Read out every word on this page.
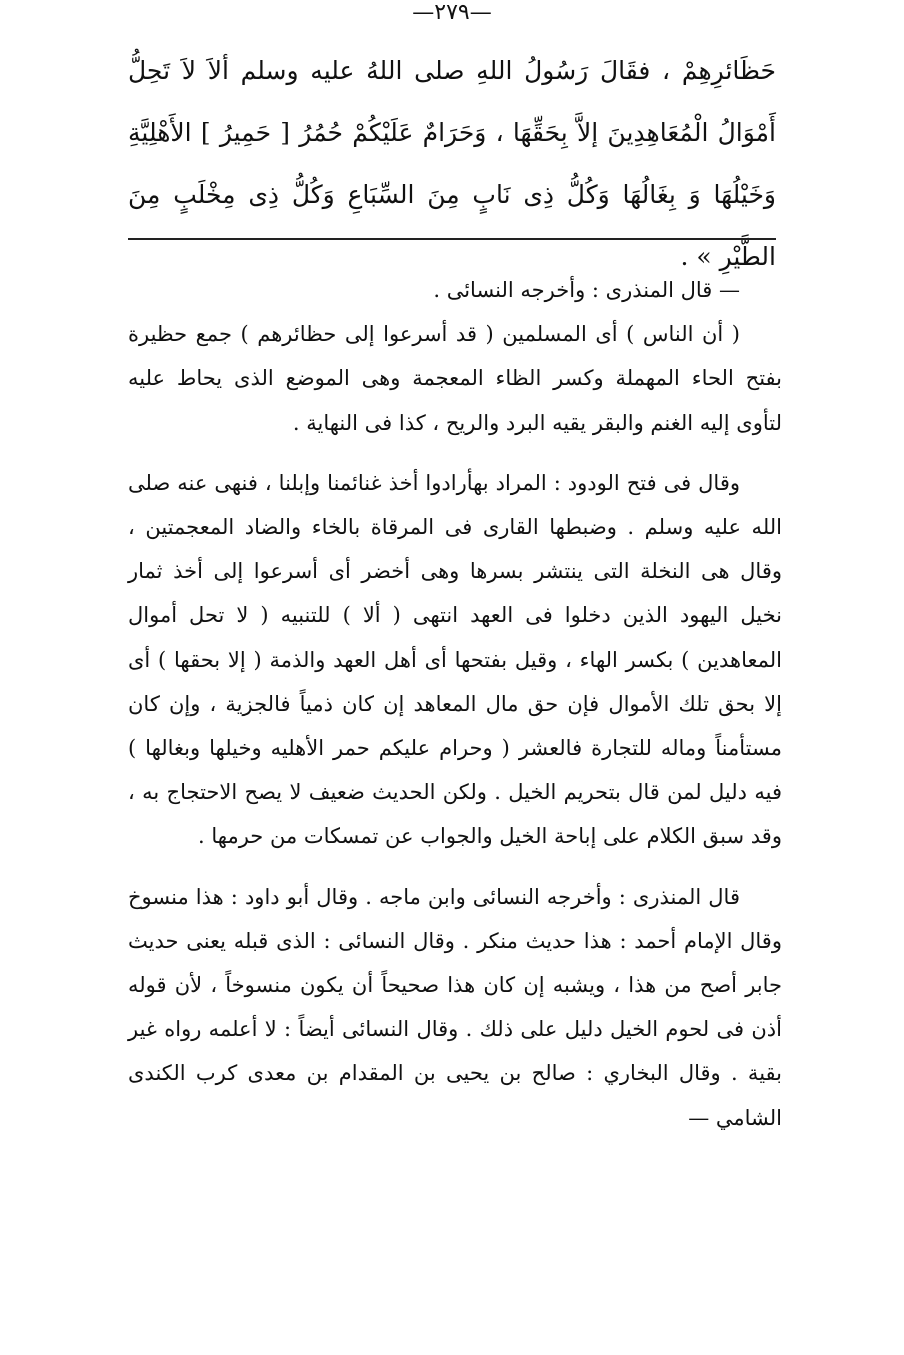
—٢٧٩—
حَظَائرِهِمْ ، فقَالَ رَسُولُ اللهِ صلى اللهُ عليه وسلم ألاَ لاَ تَحِلُّ أَمْوَالُ الْمُعَاهِدِينَ إلاَّ بِحَقِّهَا ، وَحَرَامٌ عَلَيْكُمْ حُمُرُ [ حَمِيرُ ] الأَهْلِيَّةِ وَخَيْلُهَا وَ بِغَالُهَا وَكُلُّ ذِى نَابٍ مِنَ السِّبَاعِ وَكُلُّ ذِى مِخْلَبٍ مِنَ الطَّيْرِ » .

— قال المنذرى : وأخرجه النسائى .

( أن الناس ) أى المسلمين ( قد أسرعوا إلى حظائرهم ) جمع حظيرة بفتح الحاء المهملة وكسر الظاء المعجمة وهى الموضع الذى يحاط عليه لتأوى إليه الغنم والبقر يقيه البرد والريح ، كذا فى النهاية .

وقال فى فتح الودود : المراد بهأرادوا أخذ غنائمنا وإبلنا ، فنهى عنه صلى الله عليه وسلم . وضبطها القارى فى المرقاة بالخاء والضاد المعجمتين ، وقال هى النخلة التى ينتشر بسرها وهى أخضر أى أسرعوا إلى أخذ ثمار نخيل اليهود الذين دخلوا فى العهد انتهى ( ألا ) للتنبيه ( لا تحل أموال المعاهدين ) بكسر الهاء ، وقيل بفتحها أى أهل العهد والذمة ( إلا بحقها ) أى إلا بحق تلك الأموال فإن حق مال المعاهد إن كان ذمياً فالجزية ، وإن كان مستأمناً وماله للتجارة فالعشر ( وحرام عليكم حمر الأهليه وخيلها وبغالها ) فيه دليل لمن قال بتحريم الخيل . ولكن الحديث ضعيف لا يصح الاحتجاج به ، وقد سبق الكلام على إباحة الخيل والجواب عن تمسكات من حرمها .

قال المنذرى : وأخرجه النسائى وابن ماجه . وقال أبو داود : هذا منسوخ وقال الإمام أحمد : هذا حديث منكر . وقال النسائى : الذى قبله يعنى حديث جابر أصح من هذا ، ويشبه إن كان هذا صحيحاً أن يكون منسوخاً ، لأن قوله أذن فى لحوم الخيل دليل على ذلك . وقال النسائى أيضاً : لا أعلمه رواه غير بقية . وقال البخاري : صالح بن يحيى بن المقدام بن معدى كرب الكندى الشامي —
